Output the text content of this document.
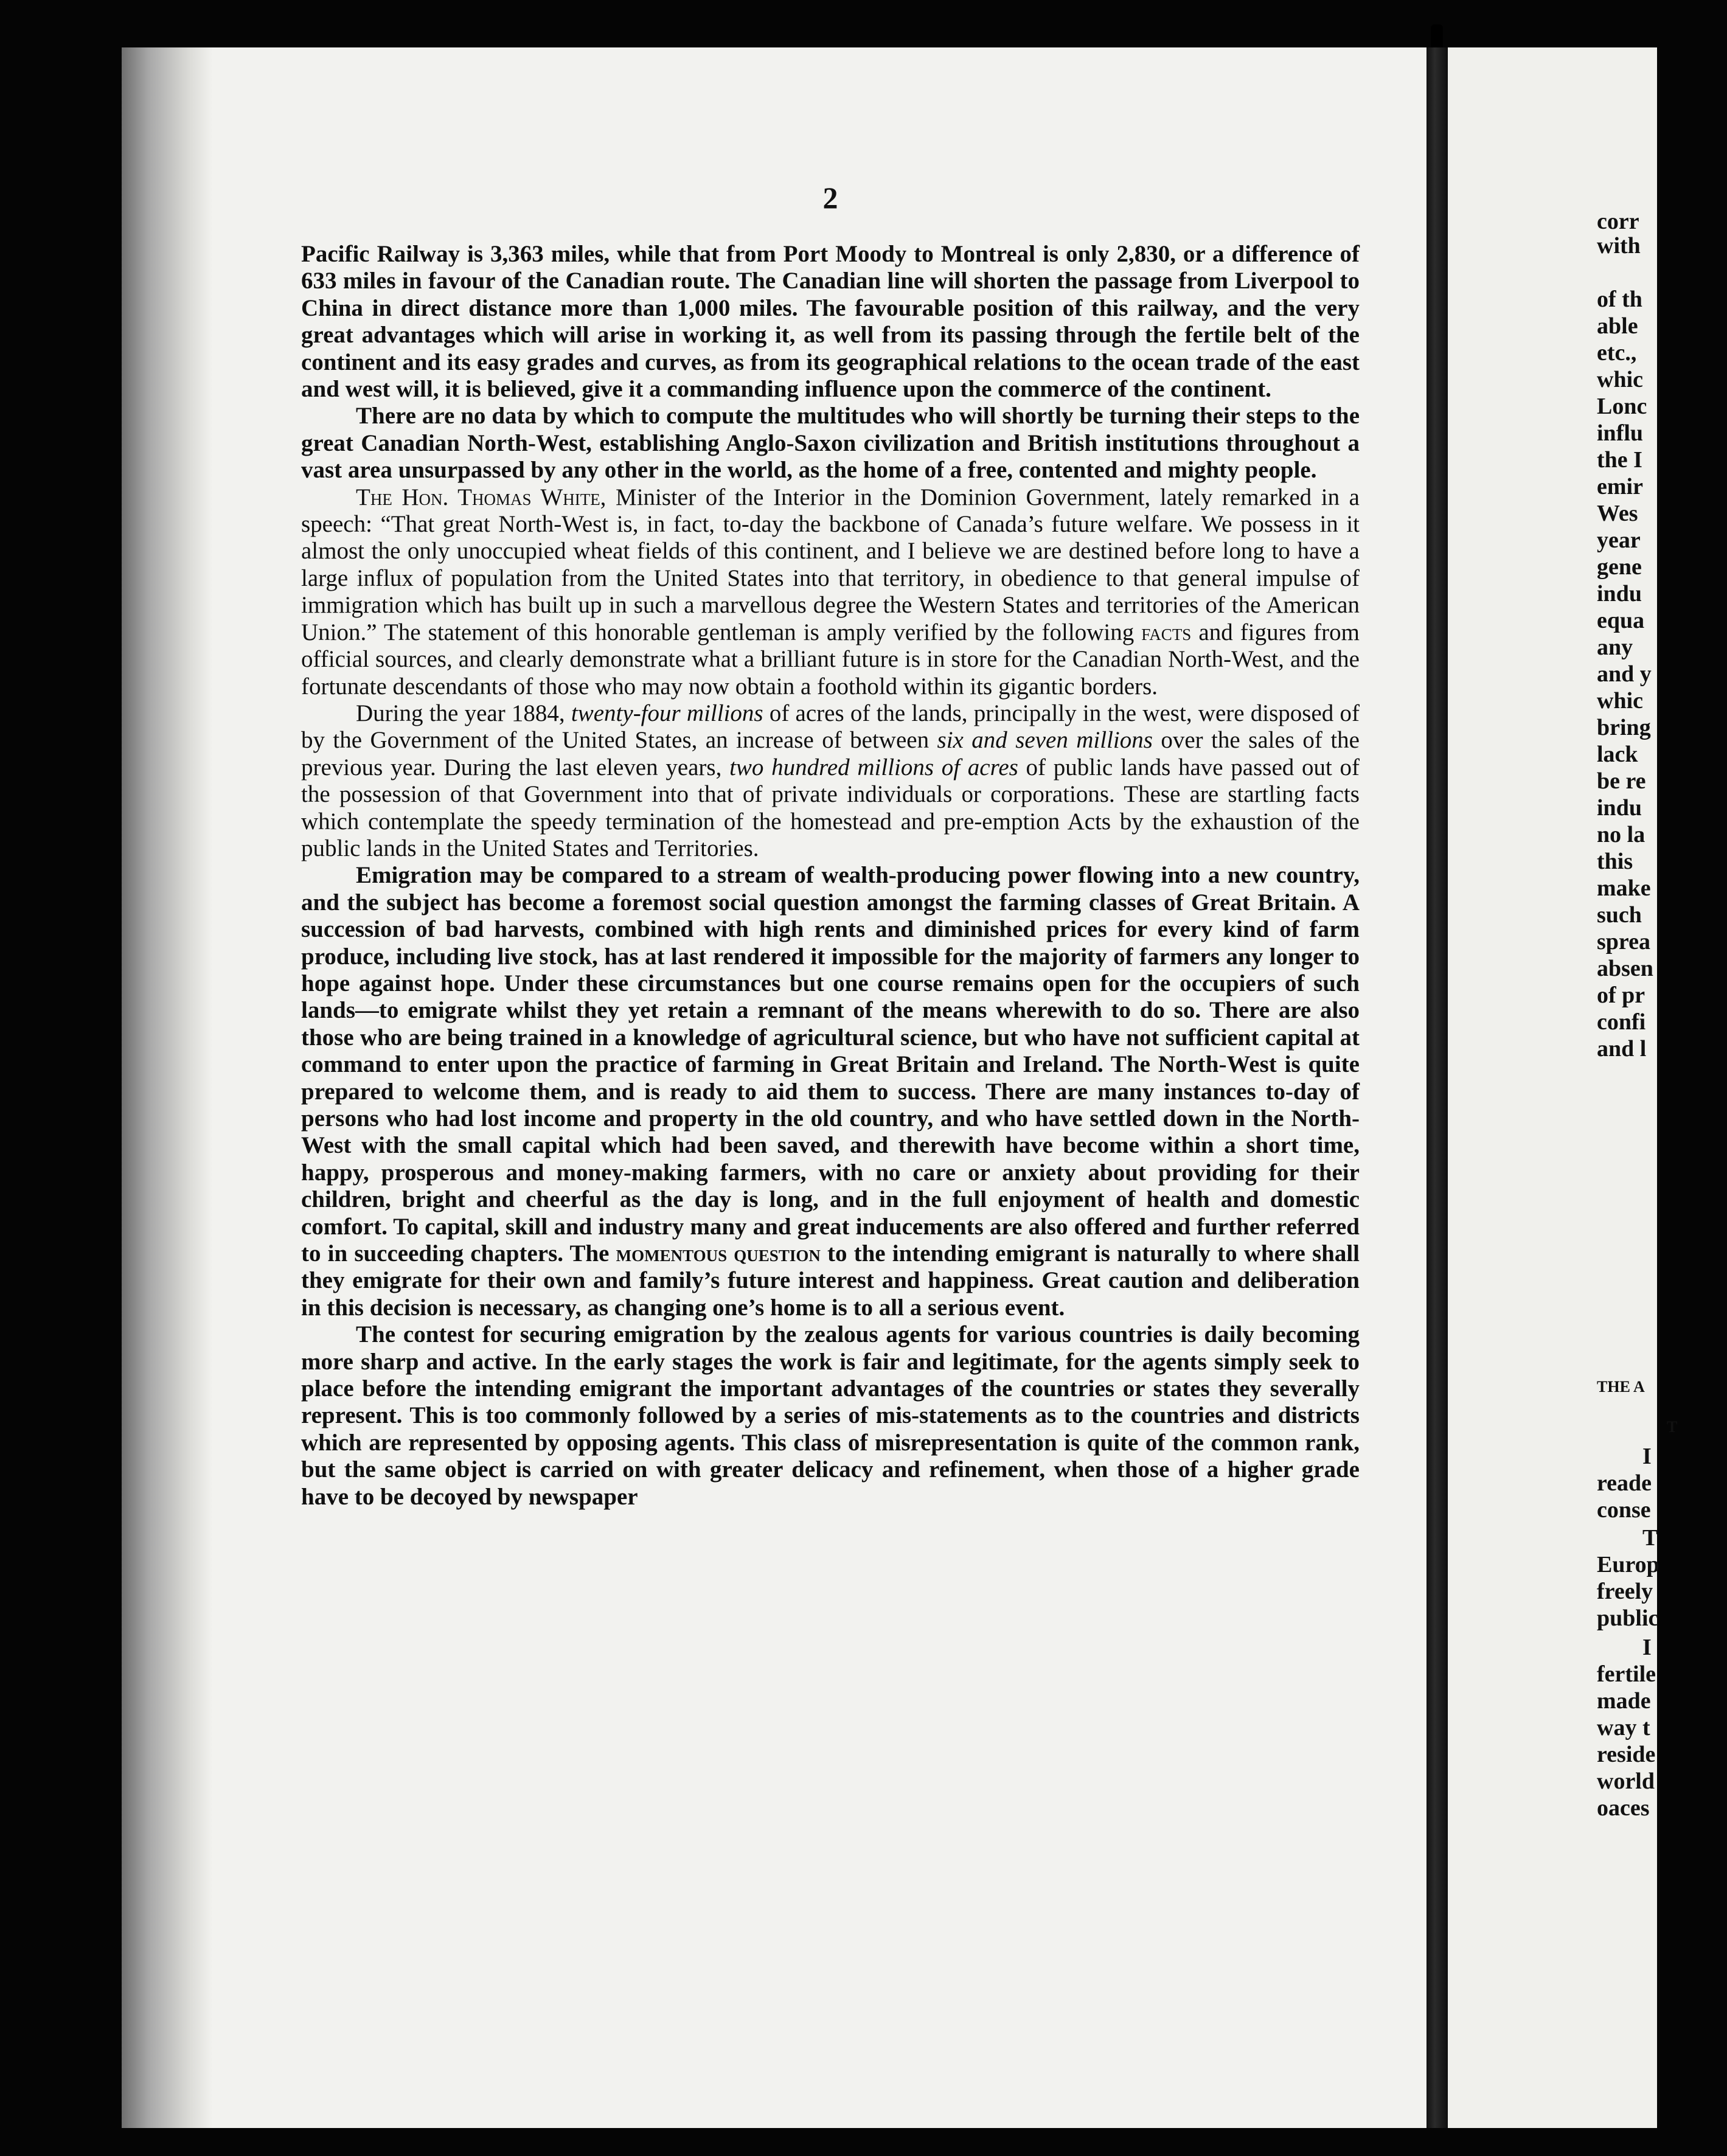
2

Pacific Railway is 3,363 miles, while that from Port Moody to Montreal is only 2,830, or a difference of 633 miles in favour of the Canadian route. The Canadian line will shorten the passage from Liverpool to China in direct distance more than 1,000 miles. The favourable position of this railway, and the very great advantages which will arise in working it, as well from its passing through the fertile belt of the continent and its easy grades and curves, as from its geographical relations to the ocean trade of the east and west will, it is believed, give it a commanding influence upon the commerce of the continent.

There are no data by which to compute the multitudes who will shortly be turning their steps to the great Canadian North-West, establishing Anglo-Saxon civilization and British institutions throughout a vast area unsurpassed by any other in the world, as the home of a free, contented and mighty people.

The Hon. Thomas White, Minister of the Interior in the Dominion Government, lately remarked in a speech: “That great North-West is, in fact, to-day the backbone of Canada’s future welfare. We possess in it almost the only unoccupied wheat fields of this continent, and I believe we are destined before long to have a large influx of population from the United States into that territory, in obedience to that general impulse of immigration which has built up in such a marvellous degree the Western States and territories of the American Union.” The statement of this honorable gentleman is amply verified by the following facts and figures from official sources, and clearly demonstrate what a brilliant future is in store for the Canadian North-West, and the fortunate descendants of those who may now obtain a foothold within its gigantic borders.

During the year 1884, twenty-four millions of acres of the lands, principally in the west, were disposed of by the Government of the United States, an increase of between six and seven millions over the sales of the previous year. During the last eleven years, two hundred millions of acres of public lands have passed out of the possession of that Government into that of private individuals or corporations. These are startling facts which contemplate the speedy termination of the homestead and pre-emption Acts by the exhaustion of the public lands in the United States and Territories.

Emigration may be compared to a stream of wealth-producing power flowing into a new country, and the subject has become a foremost social question amongst the farming classes of Great Britain. A succession of bad harvests, combined with high rents and diminished prices for every kind of farm produce, including live stock, has at last rendered it impossible for the majority of farmers any longer to hope against hope. Under these circumstances but one course remains open for the occupiers of such lands—to emigrate whilst they yet retain a remnant of the means wherewith to do so. There are also those who are being trained in a knowledge of agricultural science, but who have not sufficient capital at command to enter upon the practice of farming in Great Britain and Ireland. The North-West is quite prepared to welcome them, and is ready to aid them to success. There are many instances to-day of persons who had lost income and property in the old country, and who have settled down in the North-West with the small capital which had been saved, and therewith have become within a short time, happy, prosperous and money-making farmers, with no care or anxiety about providing for their children, bright and cheerful as the day is long, and in the full enjoyment of health and domestic comfort. To capital, skill and industry many and great inducements are also offered and further referred to in succeeding chapters. The momentous question to the intending emigrant is naturally to where shall they emigrate for their own and family’s future interest and happiness. Great caution and deliberation in this decision is necessary, as changing one’s home is to all a serious event.

The contest for securing emigration by the zealous agents for various countries is daily becoming more sharp and active. In the early stages the work is fair and legitimate, for the agents simply seek to place before the intending emigrant the important advantages of the countries or states they severally represent. This is too commonly followed by a series of mis-statements as to the countries and districts which are represented by opposing agents. This class of misrepresentation is quite of the common rank, but the same object is carried on with greater delicacy and refinement, when those of a higher grade have to be decoyed by newspaper

corr
with
of th
able
etc.,
whic
Lonc
influ
the I
emir
Wes
year
gene
indu
equa
any
and y
whic
bring
lack
be re
indu
no la
this
make
such
sprea
absen
of pr
confi
and l
THE A
T
I
reade
conse
T
Europ
freely
public
I
fertile
made
way t
reside
world
oaces
